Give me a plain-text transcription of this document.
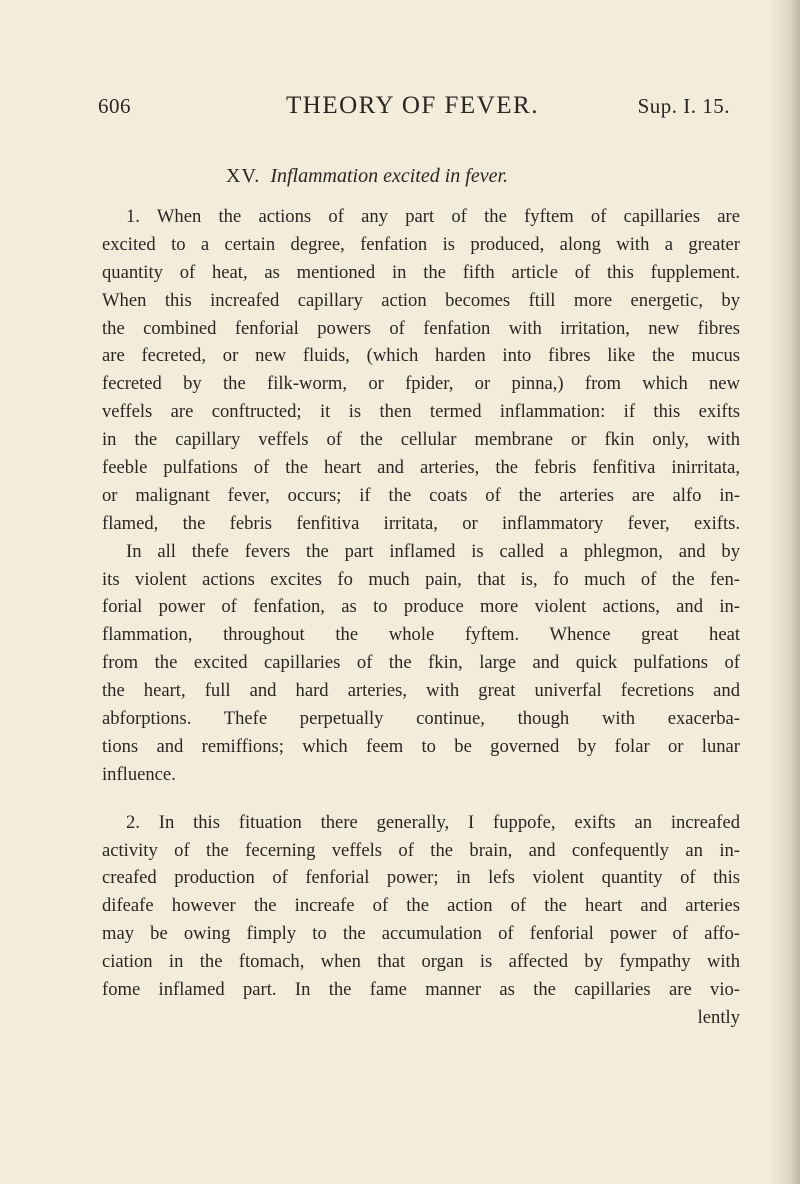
606	THEORY OF FEVER.	Sup. I. 15.
XV. Inflammation excited in fever.
1. When the actions of any part of the fyftem of capillaries are
excited to a certain degree, fenfation is produced, along with a greater
quantity of heat, as mentioned in the fifth article of this fupplement.
When this increafed capillary action becomes ftill more energetic, by
the combined fenforial powers of fenfation with irritation, new fibres
are fecreted, or new fluids, (which harden into fibres like the mucus
fecreted by the filk-worm, or fpider, or pinna,) from which new
veffels are conftructed; it is then termed inflammation: if this exifts
in the capillary veffels of the cellular membrane or fkin only, with
feeble pulfations of the heart and arteries, the febris fenfitiva inirritata,
or malignant fever, occurs; if the coats of the arteries are alfo in-
flamed, the febris fenfitiva irritata, or inflammatory fever, exifts.
In all thefe fevers the part inflamed is called a phlegmon, and by
its violent actions excites fo much pain, that is, fo much of the fen-
forial power of fenfation, as to produce more violent actions, and in-
flammation, throughout the whole fyftem. Whence great heat
from the excited capillaries of the fkin, large and quick pulfations of
the heart, full and hard arteries, with great univerfal fecretions and
abforptions. Thefe perpetually continue, though with exacerba-
tions and remiffions; which feem to be governed by folar or lunar
influence.
2. In this fituation there generally, I fuppofe, exifts an increafed
activity of the fecerning veffels of the brain, and confequently an in-
creafed production of fenforial power; in lefs violent quantity of this
difeafe however the increafe of the action of the heart and arteries
may be owing fimply to the accumulation of fenforial power of affo-
ciation in the ftomach, when that organ is affected by fympathy with
fome inflamed part. In the fame manner as the capillaries are vio-
lently
